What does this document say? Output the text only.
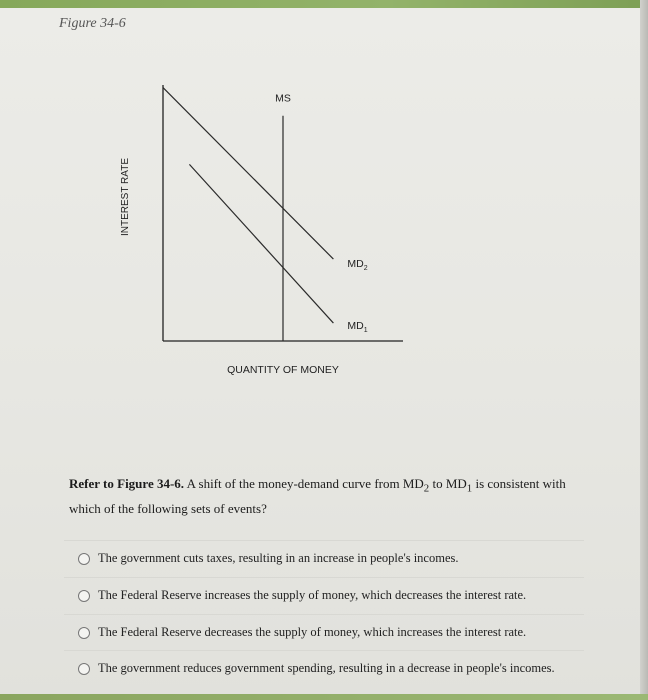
Figure 34-6
MS
$MD_2$
$MD_1$
INTEREST RATE
QUANTITY OF MONEY

Refer to Figure 34-6. A shift of the money-demand curve from $MD_2$ to $MD_1$ is consistent with which of the following sets of events?

The government cuts taxes, resulting in an increase in people's incomes.
The Federal Reserve increases the supply of money, which decreases the interest rate.
The Federal Reserve decreases the supply of money, which increases the interest rate.
The government reduces government spending, resulting in a decrease in people's incomes.
